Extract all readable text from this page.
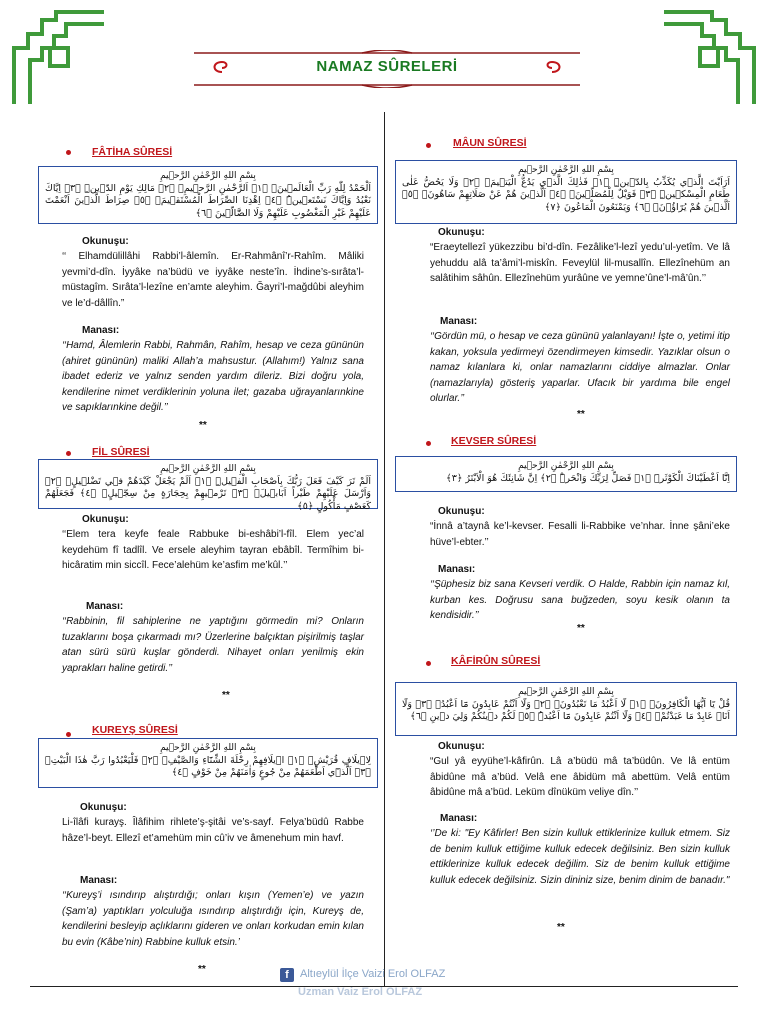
NAMAZ SÛRELERİ
FÂTİHA SÛRESİ
بِسْمِ اللهِ الرَّحْمٰنِ الرَّح۪يمِ
اَلْحَمْدُ لِلّٰهِ رَبِّ الْعَالَم۪ينَۙ ﴿١﴾ اَلرَّحْمٰنِ الرَّح۪يمِۙ ﴿٢﴾ مَالِكِ يَوْمِ الدّ۪ينِۜ ﴿٣﴾ اِيَّاكَ نَعْبُدُ وَاِيَّاكَ نَسْتَع۪ينُۜ ﴿٤﴾ اِهْدِنَا الصِّرَاطَ الْمُسْتَق۪يمَۙ ﴿٥﴾ صِرَاطَ الَّذ۪ينَ اَنْعَمْتَ عَلَيْهِمْ غَيْرِ الْمَغْضُوبِ عَلَيْهِمْ وَلَا الضَّٓالّ۪ينَ ﴿٦﴾
Okunuşu:
‘‘ Elhamdülillâhi Rabbi’l-âlemîn. Er-Rahmânî’r-Rahîm. Mâliki yevmi’d-dîn. İyyâke na’büdü ve iyyâke neste’în. İhdine’s-sırâta’l-müstagîm. Sırâta’l-lezîne en’amte aleyhim. Ğayri’l-mağdûbi aleyhim ve le’d-dâllîn.”
Manası:
‘‘Hamd, Âlemlerin Rabbi, Rahmân, Rahîm, hesap ve ceza gününün (ahiret gününün) maliki Allah’a mahsustur. (Allahım!) Yalnız sana ibadet ederiz ve yalnız senden yardım dileriz. Bizi doğru yola, kendilerine nimet verdiklerinin yoluna ilet; gazaba uğrayanlarınkine ve sapıklarınkine değil.’’
**
FİL SÛRESİ
بِسْمِ اللهِ الرَّحْمٰنِ الرَّح۪يمِ
اَلَمْ تَرَ كَيْفَ فَعَلَ رَبُّكَ بِاَصْحَابِ الْف۪يلِۜ ﴿١﴾ اَلَمْ يَجْعَلْ كَيْدَهُمْ ف۪ي تَضْل۪يلٍۙ ﴿٢﴾ وَاَرْسَلَ عَلَيْهِمْ طَيْراً اَبَاب۪يلَۙ ﴿٣﴾ تَرْم۪يهِمْ بِحِجَارَةٍ مِنْ سِجّ۪يلٍۙ ﴿٤﴾ فَجَعَلَهُمْ كَعَصْفٍ مَأْكُولٍ ﴿٥﴾
Okunuşu:
‘‘Elem tera keyfe feale Rabbuke bi-eshâbi’l-fîl. Elem yec’al keydehüm fî tadlîl. Ve ersele aleyhim tayran ebâbîl. Termîhim bi-hicâratim min siccîl. Fece’alehüm ke’asfim me’kûl.’’
Manası:
‘‘Rabbinin, fil sahiplerine ne yaptığını görmedin mi? Onların tuzaklarını boşa çıkarmadı mı? Üzerlerine balçıktan pişirilmiş taşlar atan sürü sürü kuşlar gönderdi. Nihayet onları yenilmiş ekin yaprakları haline getirdi.’’
**
KUREYŞ SÛRESİ
بِسْمِ اللهِ الرَّحْمٰنِ الرَّح۪يمِ
لِا۪يلَافِ قُرَيْشٍۙ ﴿١﴾ ا۪يلَافِهِمْ رِحْلَةَ الشِّتَٓاءِ وَالصَّيْفِۚ ﴿٢﴾ فَلْيَعْبُدُوا رَبَّ هٰذَا الْبَيْتِۙ ﴿٣﴾ اَلَّذ۪ٓي اَطْعَمَهُمْ مِنْ جُوعٍ وَاٰمَنَهُمْ مِنْ خَوْفٍ ﴿٤﴾
Okunuşu:
Li-îlâfi kurayş. Îlâfihim rihlete’ş-şitâi ve’s-sayf. Felya’büdû Rabbe hâze’l-beyt. Ellezî et’amehüm min cû’iv ve âmenehum min havf.
Manası:
‘‘Kureyş’i ısındırıp alıştırdığı; onları kışın (Yemen’e) ve yazın (Şam’a) yaptıkları yolculuğa ısındırıp alıştırdığı için, Kureyş de, kendilerini besleyip açlıklarını gideren ve onları korkudan emin kılan bu evin (Kâbe’nin) Rabbine kulluk etsin.’
**
MÂUN SÛRESİ
بِسْمِ اللهِ الرَّحْمٰنِ الرَّح۪يمِ
اَرَاَيْتَ الَّذ۪ي يُكَذِّبُ بِالدّ۪ينِۜ ﴿١﴾ فَذٰلِكَ الَّذ۪ي يَدُعُّ الْيَت۪يمَۙ ﴿٢﴾ وَلَا يَحُضُّ عَلٰى طَعَامِ الْمِسْك۪ينِۜ ﴿٣﴾ فَوَيْلٌ لِلْمُصَلّ۪ينَۙ ﴿٤﴾ اَلَّذ۪ينَ هُمْ عَنْ صَلَاتِهِمْ سَاهُونَۙ ﴿٥﴾ اَلَّذ۪ينَ هُمْ يُرَٓاؤُ۫نَۙ ﴿٦﴾ وَيَمْنَعُونَ الْمَاعُونَ ﴿٧﴾
Okunuşu:
“Eraeytellezî yükezzibu bi’d-dîn. Fezâlike’l-lezî yedu’ul-yetîm. Ve lâ yehuddu alâ ta’âmi’l-miskîn. Feveylül lil-musallîn. Ellezînehüm an salâtihim sâhûn. Ellezînehüm yurâûne ve yemne’ûne’l-mâ’ûn.’’
Manası:
‘‘Gördün mü, o hesap ve ceza gününü yalanlayanı! İşte o, yetimi itip kakan, yoksula yedirmeyi özendirmeyen kimsedir. Yazıklar olsun o namaz kılanlara ki, onlar namazlarını ciddiye almazlar. Onlar (namazlarıyla) gösteriş yaparlar. Ufacık bir yardıma bile engel olurlar.’’
**
KEVSER SÛRESİ
بِسْمِ اللهِ الرَّحْمٰنِ الرَّح۪يمِ
اِنَّٓا اَعْطَيْنَاكَ الْكَوْثَرَۜ ﴿١﴾ فَصَلِّ لِرَبِّكَ وَانْحَرْۜ ﴿٢﴾ اِنَّ شَانِئَكَ هُوَ الْاَبْتَرُ ﴿٣﴾
Okunuşu:
“İnnâ a’taynâ ke’l-kevser. Fesalli li-Rabbike ve’nhar. İnne şâni’eke hüve’l-ebter.’’
Manası:
‘‘Şüphesiz biz sana Kevseri verdik. O Halde, Rabbin için namaz kıl, kurban kes. Doğrusu sana buğzeden, soyu kesik olanın ta kendisidir.’’
**
KÂFİRÛN SÛRESİ
بِسْمِ اللهِ الرَّحْمٰنِ الرَّح۪يمِ
قُلْ يَٓا اَيُّهَا الْكَافِرُونَۙ ﴿١﴾ لَٓا اَعْبُدُ مَا تَعْبُدُونَۙ ﴿٢﴾ وَلَٓا اَنْتُمْ عَابِدُونَ مَٓا اَعْبُدُۚ ﴿٣﴾ وَلَٓا اَنَا۬ عَابِدٌ مَا عَبَدْتُمْۙ ﴿٤﴾ وَلَٓا اَنْتُمْ عَابِدُونَ مَٓا اَعْبُدُۜ ﴿٥﴾ لَكُمْ د۪ينُكُمْ وَلِيَ د۪ينِ ﴿٦﴾
Okunuşu:
“Gul yâ eyyühe’l-kâfirûn. Lâ a’büdü mâ ta’büdûn. Ve lâ entüm âbidûne mâ a’büd. Velâ ene âbidüm mâ abettüm. Velâ entüm âbidûne mâ a’büd. Leküm dînüküm veliye dîn.’’
Manası:
‘’De ki: "Ey Kâfirler! Ben sizin kulluk ettiklerinize kulluk etmem. Siz de benim kulluk ettiğime kulluk edecek değilsiniz. Ben sizin kulluk ettiklerinize kulluk edecek değilim. Siz de benim kulluk ettiğime kulluk edecek değilsiniz. Sizin dininiz size, benim dinim de banadır."
**
f	Altıeylül İlçe Vaizi Erol OLFAZ
Uzman Vaiz Erol OLFAZ
